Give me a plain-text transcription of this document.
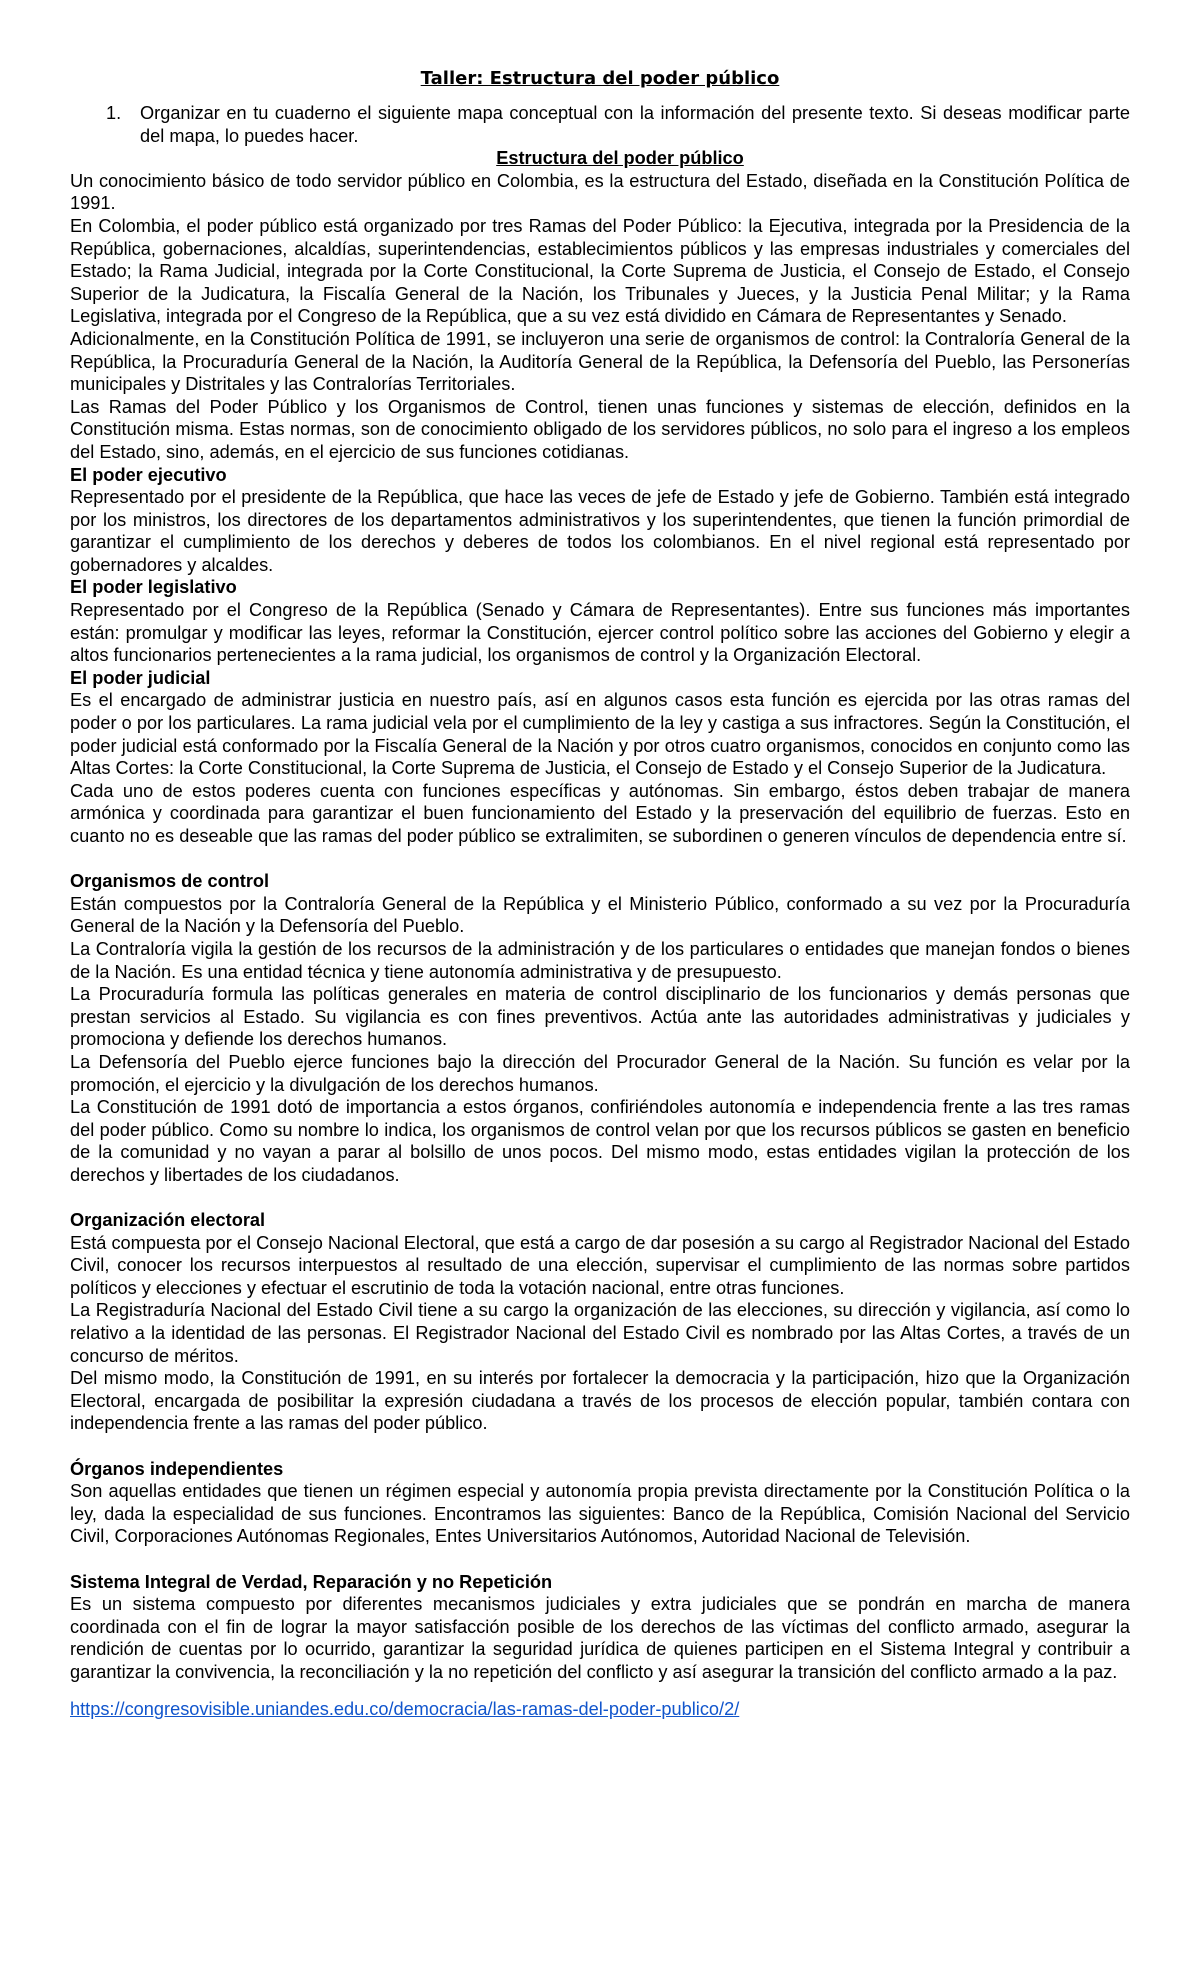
Taller: Estructura del poder público
1.	Organizar en tu cuaderno el siguiente mapa conceptual con la información del presente texto. Si deseas modificar parte del mapa, lo puedes hacer.
Estructura del poder público

Un conocimiento básico de todo servidor público en Colombia, es la estructura del Estado, diseñada en la Constitución Política de 1991.

En Colombia, el poder público está organizado por tres Ramas del Poder Público: la Ejecutiva, integrada por la Presidencia de la República, gobernaciones, alcaldías, superintendencias, establecimientos públicos y las empresas industriales y comerciales del Estado; la Rama Judicial, integrada por la Corte Constitucional, la Corte Suprema de Justicia, el Consejo de Estado, el Consejo Superior de la Judicatura, la Fiscalía General de la Nación, los Tribunales y Jueces, y la Justicia Penal Militar; y la Rama Legislativa, integrada por el Congreso de la República, que a su vez está dividido en Cámara de Representantes y Senado.

Adicionalmente, en la Constitución Política de 1991, se incluyeron una serie de organismos de control: la Contraloría General de la República, la Procuraduría General de la Nación, la Auditoría General de la República, la Defensoría del Pueblo, las Personerías municipales y Distritales y las Contralorías Territoriales.

Las Ramas del Poder Público y los Organismos de Control, tienen unas funciones y sistemas de elección, definidos en la Constitución misma. Estas normas, son de conocimiento obligado de los servidores públicos, no solo para el ingreso a los empleos del Estado, sino, además, en el ejercicio de sus funciones cotidianas.

El poder ejecutivo

Representado por el presidente de la República, que hace las veces de jefe de Estado y jefe de Gobierno. También está integrado por los ministros, los directores de los departamentos administrativos y los superintendentes, que tienen la función primordial de garantizar el cumplimiento de los derechos y deberes de todos los colombianos. En el nivel regional está representado por gobernadores y alcaldes.

El poder legislativo

Representado por el Congreso de la República (Senado y Cámara de Representantes). Entre sus funciones más importantes están: promulgar y modificar las leyes, reformar la Constitución, ejercer control político sobre las acciones del Gobierno y elegir a altos funcionarios pertenecientes a la rama judicial, los organismos de control y la Organización Electoral.

El poder judicial

Es el encargado de administrar justicia en nuestro país, así en algunos casos esta función es ejercida por las otras ramas del poder o por los particulares. La rama judicial vela por el cumplimiento de la ley y castiga a sus infractores. Según la Constitución, el poder judicial está conformado por la Fiscalía General de la Nación y por otros cuatro organismos, conocidos en conjunto como las Altas Cortes: la Corte Constitucional, la Corte Suprema de Justicia, el Consejo de Estado y el Consejo Superior de la Judicatura.

Cada uno de estos poderes cuenta con funciones específicas y autónomas. Sin embargo, éstos deben trabajar de manera armónica y coordinada para garantizar el buen funcionamiento del Estado y la preservación del equilibrio de fuerzas. Esto en cuanto no es deseable que las ramas del poder público se extralimiten, se subordinen o generen vínculos de dependencia entre sí.

Organismos de control

Están compuestos por la Contraloría General de la República y el Ministerio Público, conformado a su vez por la Procuraduría General de la Nación y la Defensoría del Pueblo.

La Contraloría vigila la gestión de los recursos de la administración y de los particulares o entidades que manejan fondos o bienes de la Nación. Es una entidad técnica y tiene autonomía administrativa y de presupuesto.

La Procuraduría formula las políticas generales en materia de control disciplinario de los funcionarios y demás personas que prestan servicios al Estado. Su vigilancia es con fines preventivos. Actúa ante las autoridades administrativas y judiciales y promociona y defiende los derechos humanos.

La Defensoría del Pueblo ejerce funciones bajo la dirección del Procurador General de la Nación. Su función es velar por la promoción, el ejercicio y la divulgación de los derechos humanos.

La Constitución de 1991 dotó de importancia a estos órganos, confiriéndoles autonomía e independencia frente a las tres ramas del poder público. Como su nombre lo indica, los organismos de control velan por que los recursos públicos se gasten en beneficio de la comunidad y no vayan a parar al bolsillo de unos pocos. Del mismo modo, estas entidades vigilan la protección de los derechos y libertades de los ciudadanos.

Organización electoral

Está compuesta por el Consejo Nacional Electoral, que está a cargo de dar posesión a su cargo al Registrador Nacional del Estado Civil, conocer los recursos interpuestos al resultado de una elección, supervisar el cumplimiento de las normas sobre partidos políticos y elecciones y efectuar el escrutinio de toda la votación nacional, entre otras funciones.

La Registraduría Nacional del Estado Civil tiene a su cargo la organización de las elecciones, su dirección y vigilancia, así como lo relativo a la identidad de las personas. El Registrador Nacional del Estado Civil es nombrado por las Altas Cortes, a través de un concurso de méritos.

Del mismo modo, la Constitución de 1991, en su interés por fortalecer la democracia y la participación, hizo que la Organización Electoral, encargada de posibilitar la expresión ciudadana a través de los procesos de elección popular, también contara con independencia frente a las ramas del poder público.

Órganos independientes

Son aquellas entidades que tienen un régimen especial y autonomía propia prevista directamente por la Constitución Política o la ley, dada la especialidad de sus funciones. Encontramos las siguientes: Banco de la República, Comisión Nacional del Servicio Civil, Corporaciones Autónomas Regionales, Entes Universitarios Autónomos, Autoridad Nacional de Televisión.

Sistema Integral de Verdad, Reparación y no Repetición

Es un sistema compuesto por diferentes mecanismos judiciales y extra judiciales que se pondrán en marcha de manera coordinada con el fin de lograr la mayor satisfacción posible de los derechos de las víctimas del conflicto armado, asegurar la rendición de cuentas por lo ocurrido, garantizar la seguridad jurídica de quienes participen en el Sistema Integral y contribuir a garantizar la convivencia, la reconciliación y la no repetición del conflicto y así asegurar la transición del conflicto armado a la paz.

https://congresovisible.uniandes.edu.co/democracia/las-ramas-del-poder-publico/2/
